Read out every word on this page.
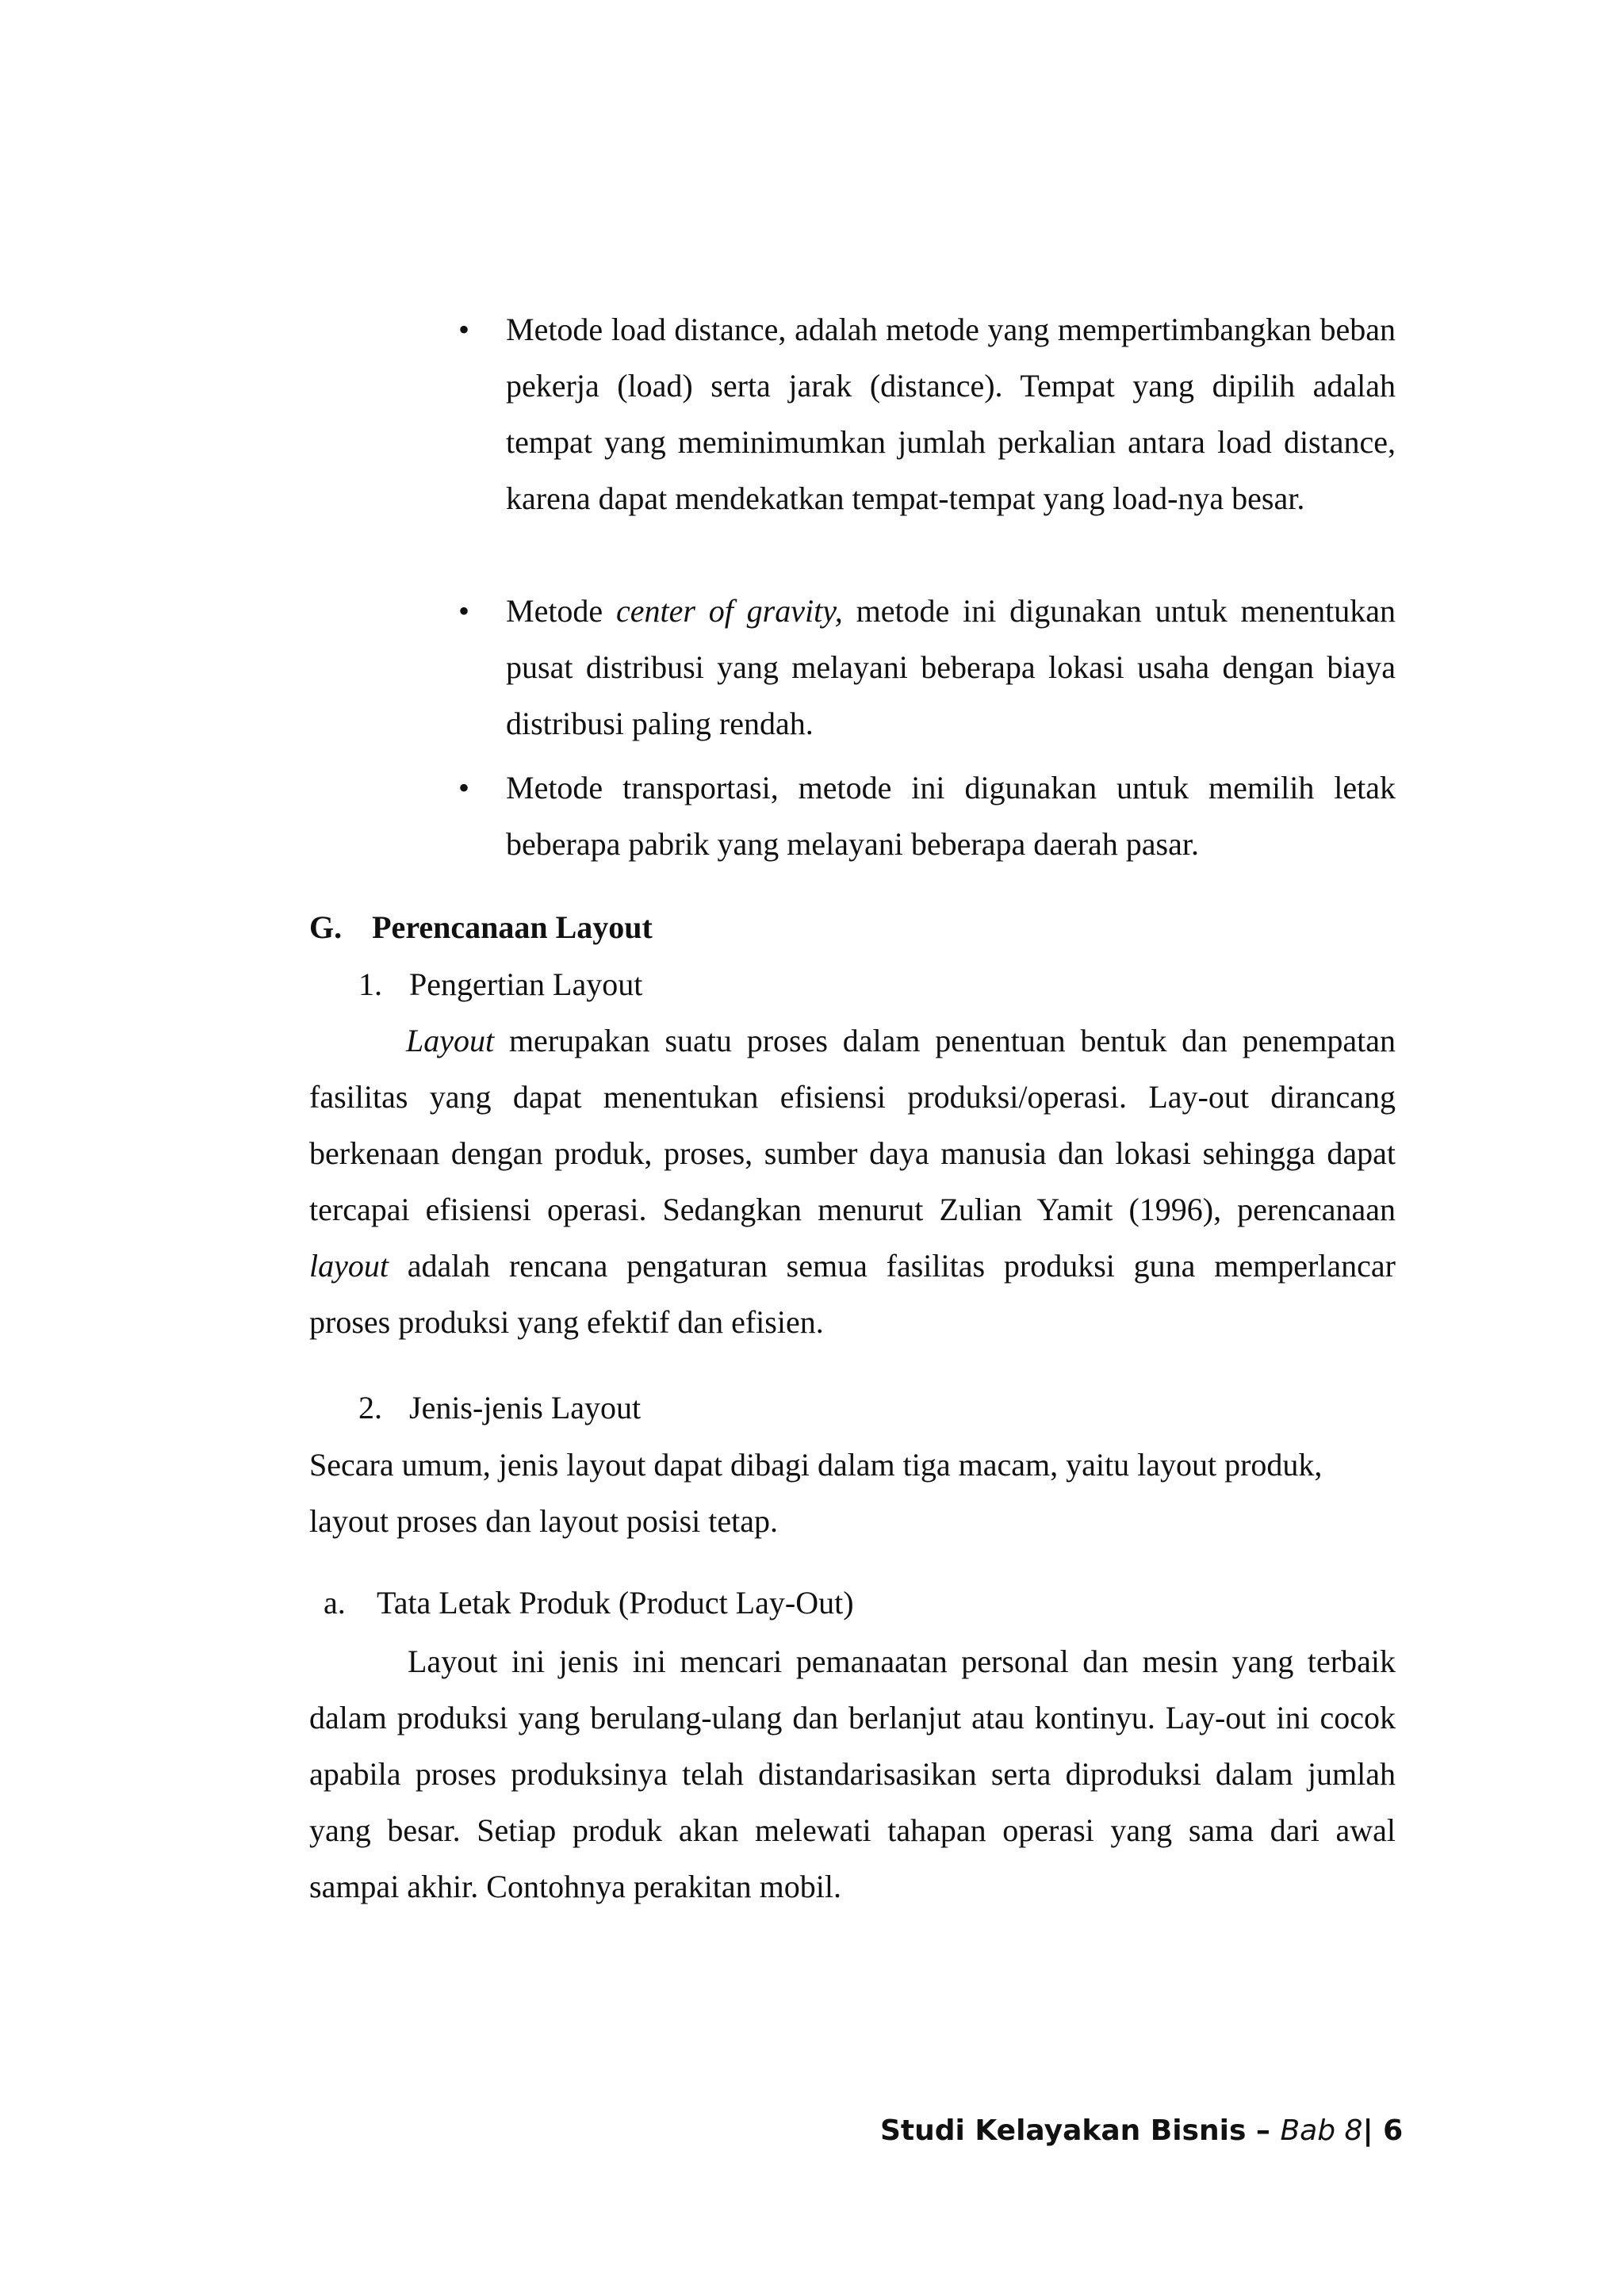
• Metode load distance, adalah metode yang mempertimbangkan beban pekerja (load) serta jarak (distance). Tempat yang dipilih adalah tempat yang meminimumkan jumlah perkalian antara load distance, karena dapat mendekatkan tempat-tempat yang load-nya besar.

• Metode center of gravity, metode ini digunakan untuk menentukan pusat distribusi yang melayani beberapa lokasi usaha dengan biaya distribusi paling rendah.

• Metode transportasi, metode ini digunakan untuk memilih letak beberapa pabrik yang melayani beberapa daerah pasar.

G. Perencanaan Layout
1. Pengertian Layout

Layout merupakan suatu proses dalam penentuan bentuk dan penempatan fasilitas yang dapat menentukan efisiensi produksi/operasi. Lay-out dirancang berkenaan dengan produk, proses, sumber daya manusia dan lokasi sehingga dapat tercapai efisiensi operasi. Sedangkan menurut Zulian Yamit (1996), perencanaan layout adalah rencana pengaturan semua fasilitas produksi guna memperlancar proses produksi yang efektif dan efisien.

2. Jenis-jenis Layout

Secara umum, jenis layout dapat dibagi dalam tiga macam, yaitu layout produk, layout proses dan layout posisi tetap.

a. Tata Letak Produk (Product Lay-Out)

Layout ini jenis ini mencari pemanaatan personal dan mesin yang terbaik dalam produksi yang berulang-ulang dan berlanjut atau kontinyu. Lay-out ini cocok apabila proses produksinya telah distandarisasikan serta diproduksi dalam jumlah yang besar. Setiap produk akan melewati tahapan operasi yang sama dari awal sampai akhir. Contohnya perakitan mobil.

Studi Kelayakan Bisnis – Bab 8| 6
